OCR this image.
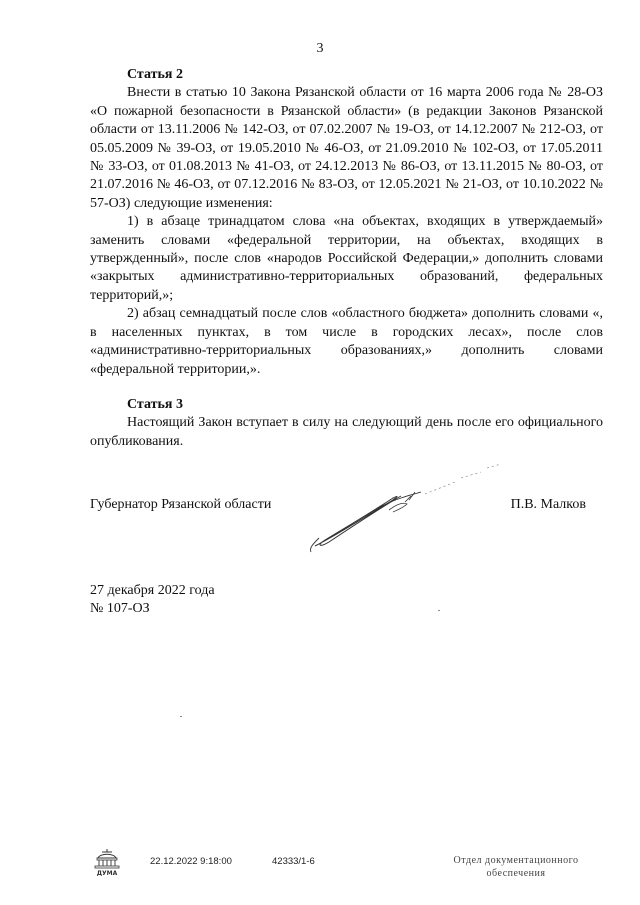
3

Статья 2

Внести в статью 10 Закона Рязанской области от 16 марта 2006 года № 28-ОЗ «О пожарной безопасности в Рязанской области» (в редакции Законов Рязанской области от 13.11.2006 № 142-ОЗ, от 07.02.2007 № 19-ОЗ, от 14.12.2007 № 212-ОЗ, от 05.05.2009 № 39-ОЗ, от 19.05.2010 № 46-ОЗ, от 21.09.2010 № 102-ОЗ, от 17.05.2011 № 33-ОЗ, от 01.08.2013 № 41-ОЗ, от 24.12.2013 № 86-ОЗ, от 13.11.2015 № 80-ОЗ, от 21.07.2016 № 46-ОЗ, от 07.12.2016 № 83-ОЗ, от 12.05.2021 № 21-ОЗ, от 10.10.2022 № 57-ОЗ) следующие изменения:

1) в абзаце тринадцатом слова «на объектах, входящих в утверждаемый» заменить словами «федеральной территории, на объектах, входящих в утвержденный», после слов «народов Российской Федерации,» дополнить словами «закрытых административно-территориальных образований, федеральных территорий,»;

2) абзац семнадцатый после слов «областного бюджета» дополнить словами «, в населенных пунктах, в том числе в городских лесах», после слов «административно-территориальных образованиях,» дополнить словами «федеральной территории,».

Статья 3

Настоящий Закон вступает в силу на следующий день после его официального опубликования.

Губернатор Рязанской области	П.В. Малков
27 декабря 2022 года
№ 107-ОЗ
ДУМА
22.12.2022 9:18:00	42333/1-6	Отдел документационного
обеспечения
